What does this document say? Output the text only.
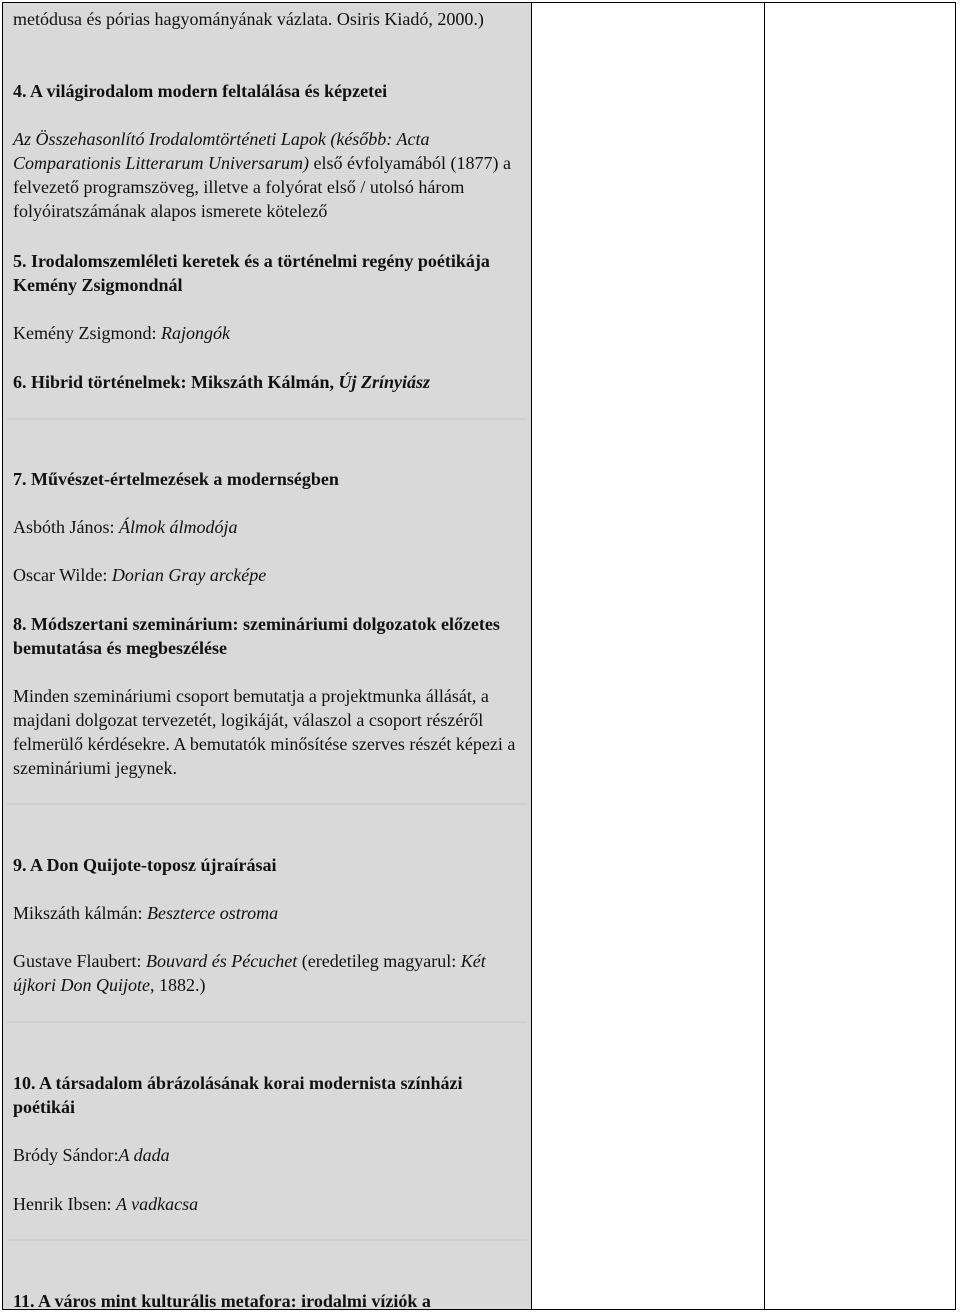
metódusa és pórias hagyományának vázlata. Osiris Kiadó, 2000.)

4. A világirodalom modern feltalálása és képzetei

Az Összehasonlító Irodalomtörténeti Lapok (később: Acta Comparationis Litterarum Universarum) első évfolyamából (1877) a felvezető programszöveg, illetve a folyórat első / utolsó három folyóiratszámának alapos ismerete kötelező

5. Irodalomszemléleti keretek és a történelmi regény poétikája Kemény Zsigmondnál

Kemény Zsigmond: Rajongók

6. Hibrid történelmek: Mikszáth Kálmán, Új Zrínyiász

7. Művészet-értelmezések a modernségben

Asbóth János: Álmok álmodója

Oscar Wilde: Dorian Gray arcképe

8. Módszertani szeminárium: szemináriumi dolgozatok előzetes bemutatása és megbeszélése

Minden szemináriumi csoport bemutatja a projektmunka állását, a majdani dolgozat tervezetét, logikáját, válaszol a csoport részéről felmerülő kérdésekre. A bemutatók minősítése szerves részét képezi a szemináriumi jegynek.

9. A Don Quijote-toposz újraírásai

Mikszáth kálmán: Beszterce ostroma

Gustave Flaubert: Bouvard és Pécuchet (eredetileg magyarul: Két újkori Don Quijote, 1882.)

10. A társadalom ábrázolásának korai modernista színházi poétikái

Bródy Sándor:A dada

Henrik Ibsen: A vadkacsa

11. A város mint kulturális metafora: irodalmi víziók a
